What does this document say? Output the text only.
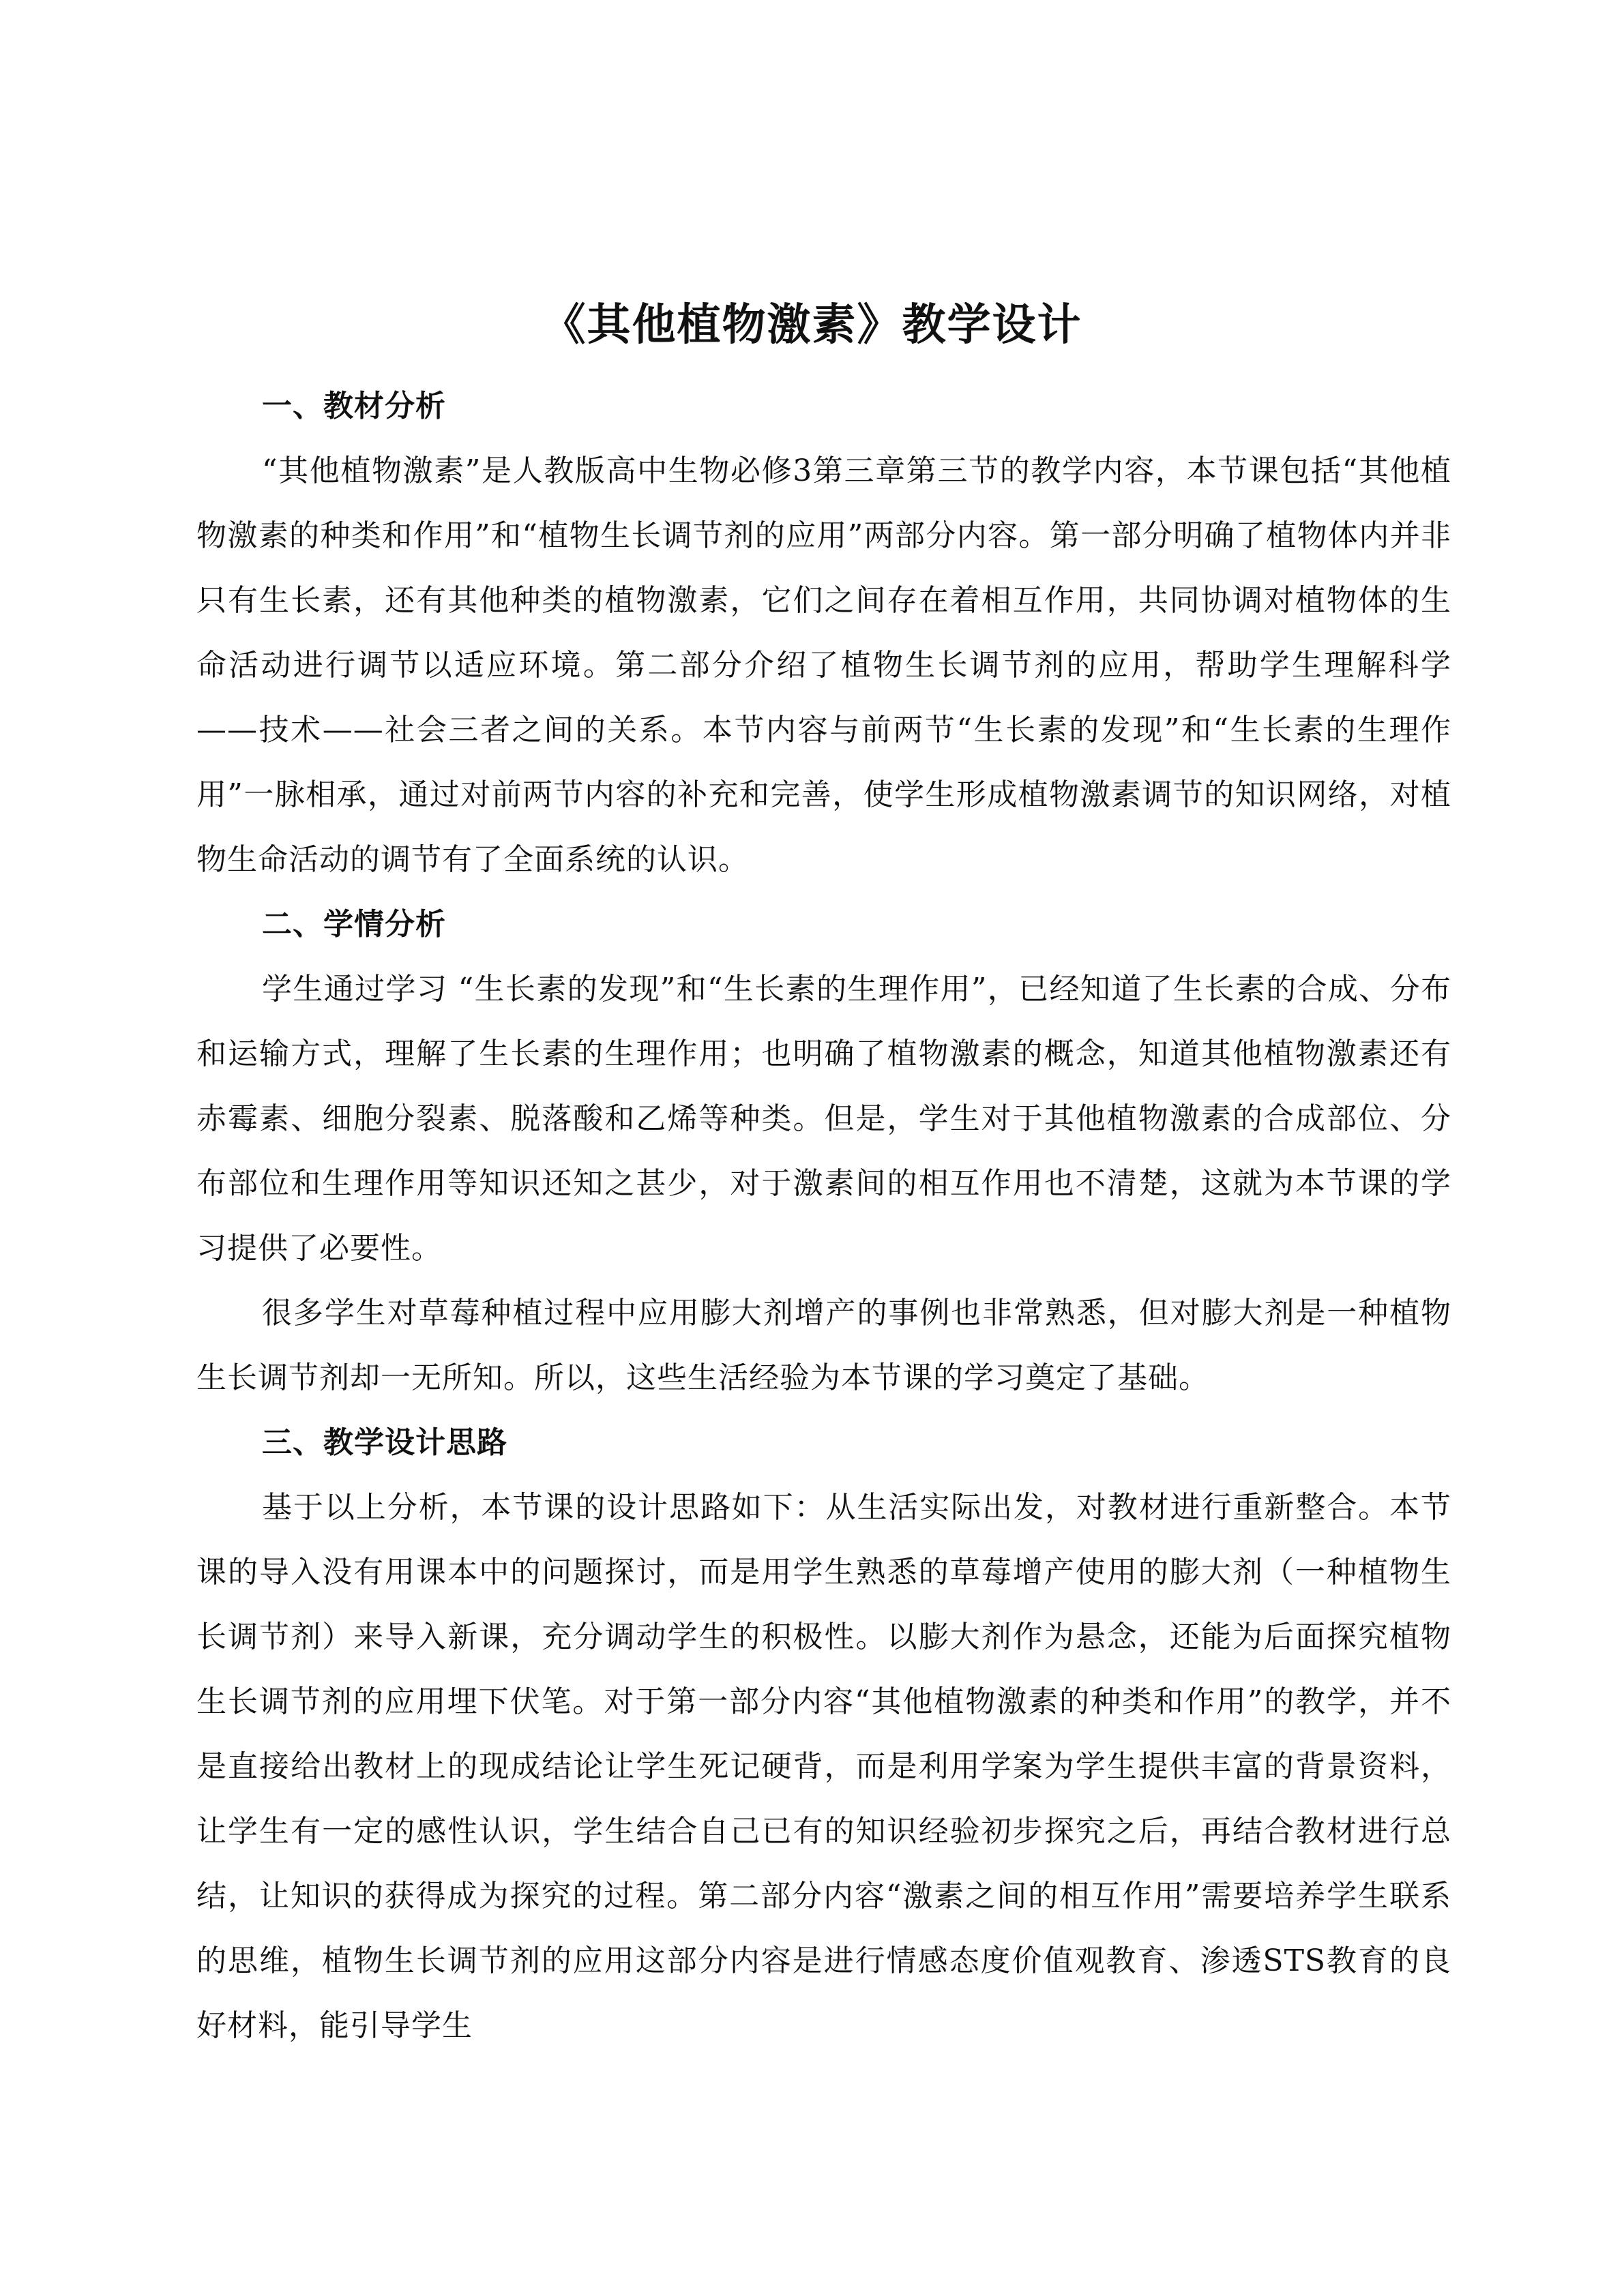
《其他植物激素》教学设计

一、教材分析

“其他植物激素”是人教版高中生物必修3第三章第三节的教学内容，本节课包括“其他植物激素的种类和作用”和“植物生长调节剂的应用”两部分内容。第一部分明确了植物体内并非只有生长素，还有其他种类的植物激素，它们之间存在着相互作用，共同协调对植物体的生命活动进行调节以适应环境。第二部分介绍了植物生长调节剂的应用，帮助学生理解科学——技术——社会三者之间的关系。本节内容与前两节“生长素的发现”和“生长素的生理作用”一脉相承，通过对前两节内容的补充和完善，使学生形成植物激素调节的知识网络，对植物生命活动的调节有了全面系统的认识。

二、学情分析

学生通过学习 “生长素的发现”和“生长素的生理作用”，已经知道了生长素的合成、分布和运输方式，理解了生长素的生理作用；也明确了植物激素的概念，知道其他植物激素还有赤霉素、细胞分裂素、脱落酸和乙烯等种类。但是，学生对于其他植物激素的合成部位、分布部位和生理作用等知识还知之甚少，对于激素间的相互作用也不清楚，这就为本节课的学习提供了必要性。

很多学生对草莓种植过程中应用膨大剂增产的事例也非常熟悉，但对膨大剂是一种植物生长调节剂却一无所知。所以，这些生活经验为本节课的学习奠定了基础。

三、教学设计思路

基于以上分析，本节课的设计思路如下：从生活实际出发，对教材进行重新整合。本节课的导入没有用课本中的问题探讨，而是用学生熟悉的草莓增产使用的膨大剂（一种植物生长调节剂）来导入新课，充分调动学生的积极性。以膨大剂作为悬念，还能为后面探究植物生长调节剂的应用埋下伏笔。对于第一部分内容“其他植物激素的种类和作用”的教学，并不是直接给出教材上的现成结论让学生死记硬背，而是利用学案为学生提供丰富的背景资料，让学生有一定的感性认识，学生结合自己已有的知识经验初步探究之后，再结合教材进行总结，让知识的获得成为探究的过程。第二部分内容“激素之间的相互作用”需要培养学生联系的思维，植物生长调节剂的应用这部分内容是进行情感态度价值观教育、渗透STS教育的良好材料，能引导学生
